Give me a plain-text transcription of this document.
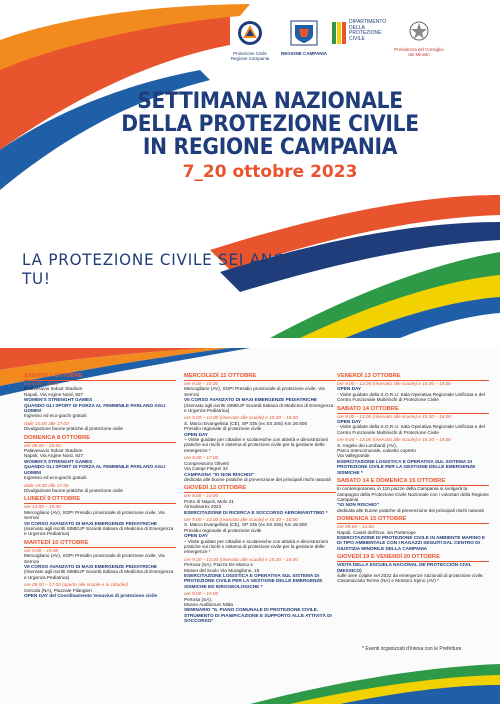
Protezione Civile
Regione Campania
REGIONE CAMPANIA
DIPARTIMENTO
DELLA
PROTEZIONE
CIVILE
Presidenza del Consiglio dei Ministri
SETTIMANA NAZIONALE
DELLA PROTEZIONE CIVILE
IN REGIONE CAMPANIA
7_20 ottobre 2023
LA PROTEZIONE CIVILE SEI ANCHE TU!
SABATO 7 OTTOBRE
ore 9.30 – 20.00
Palavesuvio Indoor Stadium
Napoli, Via Argine Nord, 927
WOMEN'S STRENGHT GAMES
QUANDO GLI SPORT DI FORZA AL FEMMINILE PARLANO AGLI UOMINI
Ingresso ed eco-giochi gratuiti
dalle 15.00 alle 17.00
Divulgazione buone pratiche di protezione civile
DOMENICA 8 OTTOBRE
ore 09.00 – 20.00
Palavesuvio Indoor Stadium
Napoli, Via Argine Nord, 927
WOMEN'S STRENGHT GAMES
QUANDO GLI SPORT DI FORZA AL FEMMINILE PARLANO AGLI UOMINI
Ingresso ed eco-giochi gratuiti
dalle 15.00 alle 17.00
Divulgazione buone pratiche di protezione civile
LUNEDÌ 9 OTTOBRE
ore 14.00 – 19.30
Mercogliano (AV), SOPI Presidio provinciale di protezione civile, Via Serroni
VII CORSO AVANZATO DI MAXI EMERGENZE PEDIATRICHE
(riservato agli iscritti SIMEUP Società Italiana di Medicina di Emergenza e Urgenza Pediatrica)
MARTEDÌ 10 OTTOBRE
ore 9.00 – 19.00
Mercogliano (AV), SOPI Presidio provinciale di protezione civile, Via Serroni
VII CORSO AVANZATO DI MAXI EMERGENZE PEDIATRICHE
(riservato agli iscritti SIMEUP Società Italiana di Medicina di Emergenza e Urgenza Pediatrica)
ore 09.00 – 17.00 (aperto alle scuole e ai cittadini)
Cercola (NA), Piazzale Filangieri
OPEN DAY del Coordinamento Vesuvius di protezione civile
MERCOLEDÌ 11 OTTOBRE
ore 9.00 – 18.00
Mercogliano (AV), SOPI Presidio provinciale di protezione civile, Via Serroni
VII CORSO AVANZATO DI MAXI EMERGENZE PEDIATRICHE
(riservato agli iscritti SIMEUP Società Italiana di Medicina di Emergenza e Urgenza Pediatrica)
ore 9.00 – 13.00 (riservato alle scuole) e 15.30 – 18.00
S. Marco Evangelista (CE), SP 335 (ex SS 265) Km 26.600
Presidio regionale di protezione civile
OPEN DAY
– Visite guidate per cittadini e scolaresche con attività e dimostrazioni pratiche sui rischi e sistema di protezione civile per la gestione delle emergenze *
ore 9.00 – 17.00
Compressorio Olivetti
Via Campi Flegrei 34
CAMPAGNA "IO NON RISCHIO"
dedicata alle buone pratiche di prevenzione dei principali rischi naturali
GIOVEDÌ 12 OTTOBRE
ore 8.00 – 14.00
Porto di Napoli, Molo 21
AirSubsarex 2023
ESERCITAZIONE DI RICERCA E SOCCORSO AEROMARITTIMO *
ore 9.00 – 13.00 (riservato alle scuole) e 15.30 – 18.00
S. Marco Evangelista (CE), SP 335 (ex SS 265) Km 26.600
Presidio regionale di protezione civile
OPEN DAY
– Visite guidate per cittadini e scolaresche con attività e dimostrazioni pratiche sui rischi e sistema di protezione civile per la gestione delle emergenze *
ore 9.00 – 13.00 (riservato alle scuole) e 15.30 – 18.00
Pertosa (SA), Piazza De Marco e
Museo del Suolo Via Muraglione, 18
ESERCITAZIONE LOGISTICA E OPERATIVA SUL SISTEMA DI PROTEZIONE CIVILE PER LA GESTIONE DELLE EMERGENZE SISMICHE ED IDROGEOLOGICHE *
ore 9.00 – 15.00
Pertosa (SA),
Museo Auditorium Mida
SEMINARIO "IL PIANO COMUNALE DI PROTEZIONE CIVILE. STRUMENTO DI PIANIFICAZIONE E SUPPORTO ALLE ATTIVITÀ DI SOCCORSO"
VENERDÌ 13 OTTOBRE
ore 9.00 – 13.00 (riservato alle scuole) e 15.30 – 18.00
OPEN DAY
- Visite guidate della S.O.R.U. Sala Operativa Regionale Unificata e del Centro Funzionale Multirischi di Protezione Civile
SABATO 14 OTTOBRE
ore 9.00 – 13.00 (riservato alle scuole) e 15.30 – 18.00
OPEN DAY
- Visite guidate della S.O.R.U. Sala Operativa Regionale Unificata e del Centro Funzionale Multirischi di Protezione Civile
ore 9.00 – 13.00 (riservato alle scuole) e 15.30 – 18.00
S. Angelo dei Lombardi (AV),
Parco Intercomunale, calcetto coperto
Via Vallegrande
ESERCITAZIONE LOGISTICA E OPERATIVA SUL SISTEMA DI PROTEZIONE CIVILE PER LA GESTIONE DELLE EMERGENZE SISMICHE *
SABATO 14 E DOMENICA 15 OTTOBRE
In contemporanea, in 110 piazze della Campania si svolgerà la campagna della Protezione Civile Nazionale con i volontari della Regione Campania
"IO NON RISCHIO"
dedicata alle buone pratiche di prevenzione dei principali rischi naturali
DOMENICA 15 OTTOBRE
ore 09.00 – 12.00
Napoli, Castel dell'Ovo, via Partenope
ESERCITAZIONE DI PROTEZIONE CIVILE IN AMBIENTE MARINO E DI TIPO AMBIENTALE CON I RAGAZZI SEGUITI DAL CENTRO DI GIUSTIZIA MINORILE DELLA CAMPANIA
GIOVEDÌ 19 E VENERDÌ 20 OTTOBRE
VISITA DELLA ESCUELA NACIONAL DE PROTECCIÓN CIVIL (MESSICO)
sulle aree colpite nel 2022 da emergenze nazionali di protezione civile: Casamicciola Terme (NA) e Montoro Irpino (AV) *
* Eventi organizzati d'intesa con le Prefetture
